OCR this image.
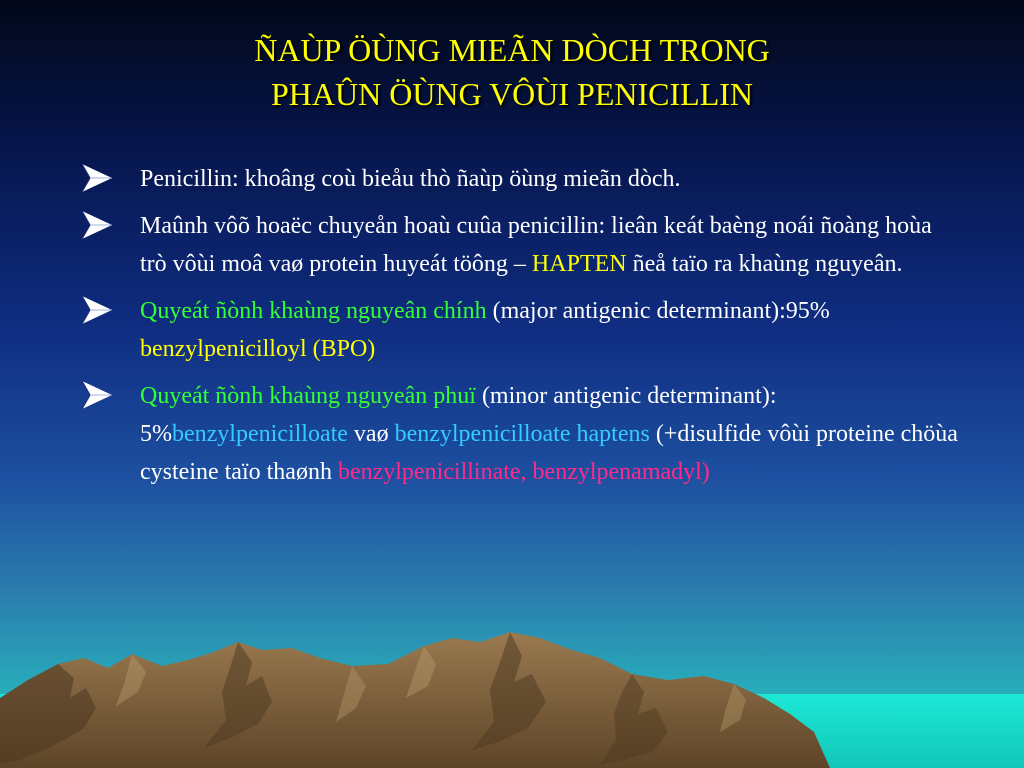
ÑAÙP ÖÙNG MIEÃN DÒCH TRONG
PHAÛN ÖÙNG VÔÙI PENICILLIN
Penicillin: khoâng coù bieåu thò ñaùp öùng mieãn dòch.
Maûnh vôõ hoaëc chuyeån hoaù cuûa penicillin: lieân keát baèng noái ñoàng hoùa trò vôùi moâ vaø protein huyeát töông – HAPTEN ñeå taïo ra khaùng nguyeân.
Quyeát ñònh khaùng nguyeân chính (major antigenic determinant):95% benzylpenicilloyl (BPO)
Quyeát ñònh khaùng nguyeân phuï (minor antigenic determinant): 5%benzylpenicilloate vaø benzylpenicilloate haptens (+disulfide vôùi proteine chöùa cysteine taïo thaønh benzylpenicillinate, benzylpenamadyl)
